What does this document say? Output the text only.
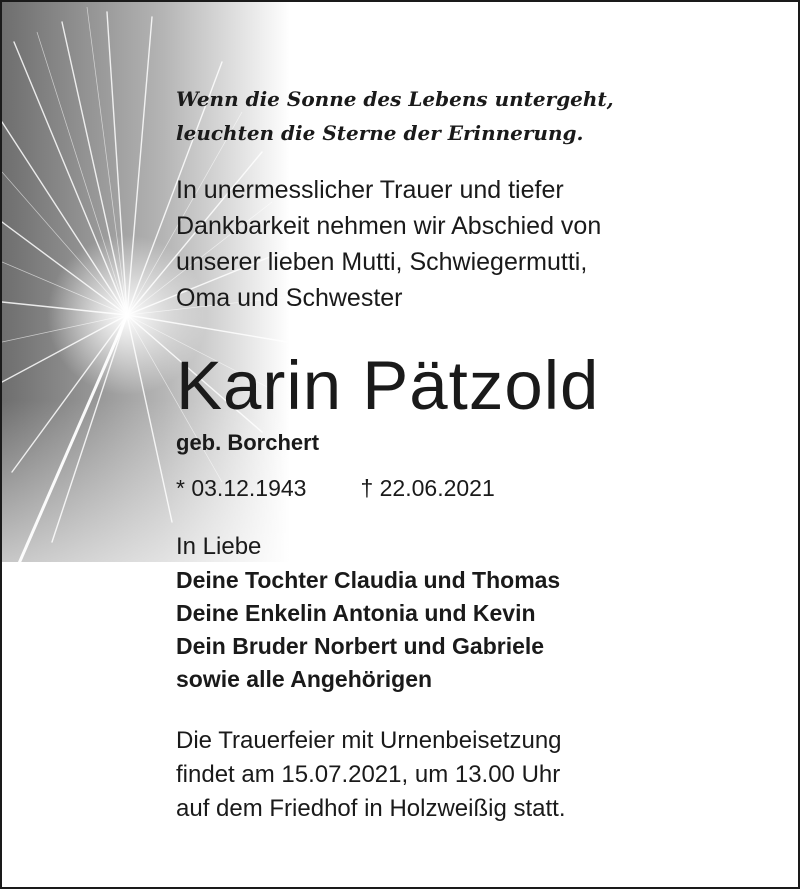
Wenn die Sonne des Lebens untergeht,
leuchten die Sterne der Erinnerung.

In unermesslicher Trauer und tiefer
Dankbarkeit nehmen wir Abschied von
unserer lieben Mutti, Schwiegermutti,
Oma und Schwester

Karin Pätzold

geb. Borchert

* 03.12.1943 † 22.06.2021

In Liebe

Deine Tochter Claudia und Thomas
Deine Enkelin Antonia und Kevin
Dein Bruder Norbert und Gabriele
sowie alle Angehörigen

Die Trauerfeier mit Urnenbeisetzung
findet am 15.07.2021, um 13.00 Uhr
auf dem Friedhof in Holzweißig statt.
